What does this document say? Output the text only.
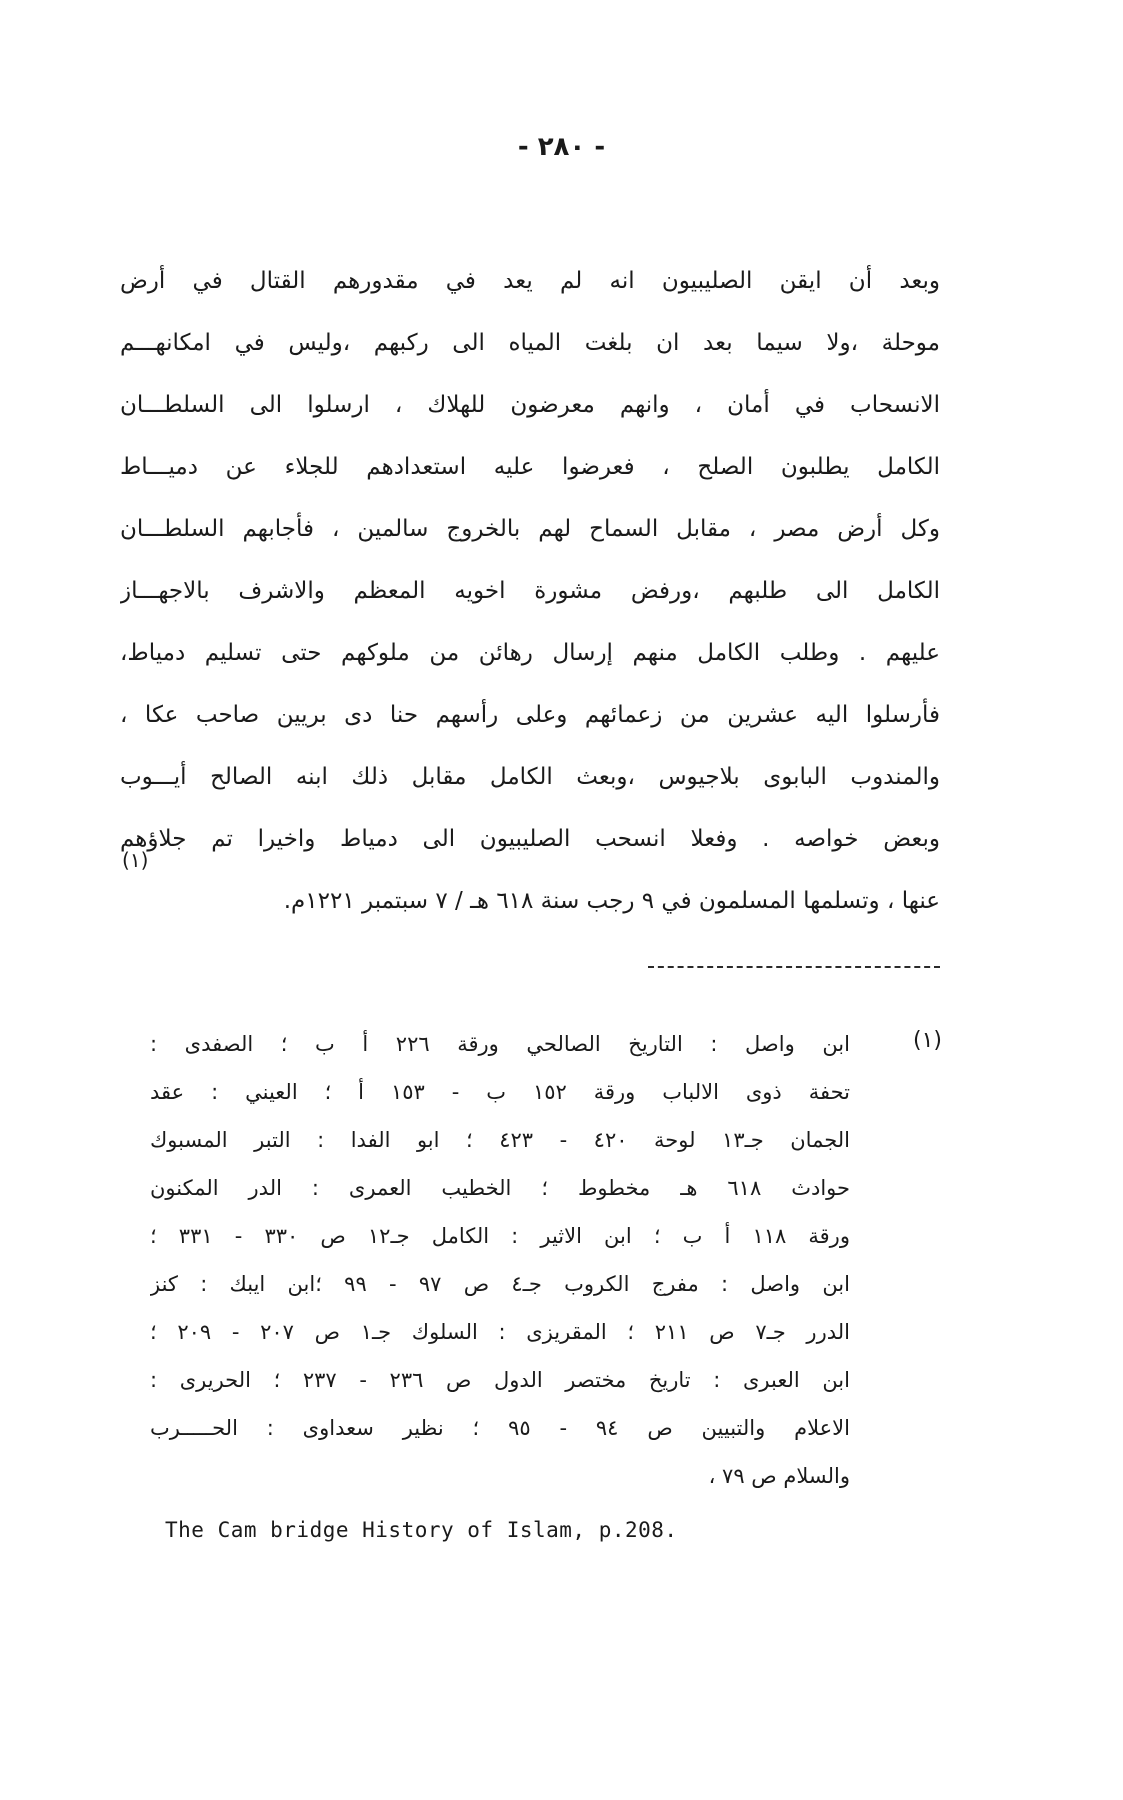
- ٢٨٠ -
وبعد أن ايقن الصليبيون انه لم يعد في مقدورهم القتال في أرض
موحلة ،ولا سيما بعد ان بلغت المياه الى ركبهم ،وليس في امكانهـــم
الانسحاب في أمان ، وانهم معرضون للهلاك ، ارسلوا الى السلطـــان
الكامل يطلبون الصلح ، فعرضوا عليه استعدادهم للجلاء عن دميـــاط
وكل أرض مصر ، مقابل السماح لهم بالخروج سالمين ، فأجابهم السلطـــان
الكامل الى طلبهم ،ورفض مشورة اخويه المعظم والاشرف بالاجهـــاز
عليهم . وطلب الكامل منهم إرسال رهائن من ملوكهم حتى تسليم دمياط،
فأرسلوا اليه عشرين من زعمائهم وعلى رأسهم حنا دى بريين صاحب عكا ،
والمندوب البابوى بلاجيوس ،وبعث الكامل مقابل ذلك ابنه الصالح أيـــوب
وبعض خواصه . وفعلا انسحب الصليبيون الى دمياط واخيرا تم جلاؤهم
عنها ، وتسلمها المسلمون في ٩ رجب سنة ٦١٨ هـ / ٧ سبتمبر ١٢٢١م.
(١)
(١)
ابن واصل : التاريخ الصالحي ورقة ٢٢٦ أ ب ؛ الصفدى :
تحفة ذوى الالباب ورقة ١٥٢ ب - ١٥٣ أ ؛ العيني : عقد
الجمان جـ١٣ لوحة ٤٢٠ - ٤٢٣ ؛ ابو الفدا : التبر المسبوك
حوادث ٦١٨ هـ مخطوط ؛ الخطيب العمرى : الدر المكنون
ورقة ١١٨ أ ب ؛ ابن الاثير : الكامل جـ١٢ ص ٣٣٠ - ٣٣١ ؛
ابن واصل : مفرج الكروب جـ٤ ص ٩٧ - ٩٩ ؛ابن ايبك : كنز
الدرر جـ٧ ص ٢١١ ؛ المقريزى : السلوك جـ١ ص ٢٠٧ - ٢٠٩ ؛
ابن العبرى : تاريخ مختصر الدول ص ٢٣٦ - ٢٣٧ ؛ الحريرى :
الاعلام والتبيين ص ٩٤ - ٩٥ ؛ نظير سعداوى : الحـــــرب
والسلام ص ٧٩ ،
The Cam bridge History of Islam, p.208.
